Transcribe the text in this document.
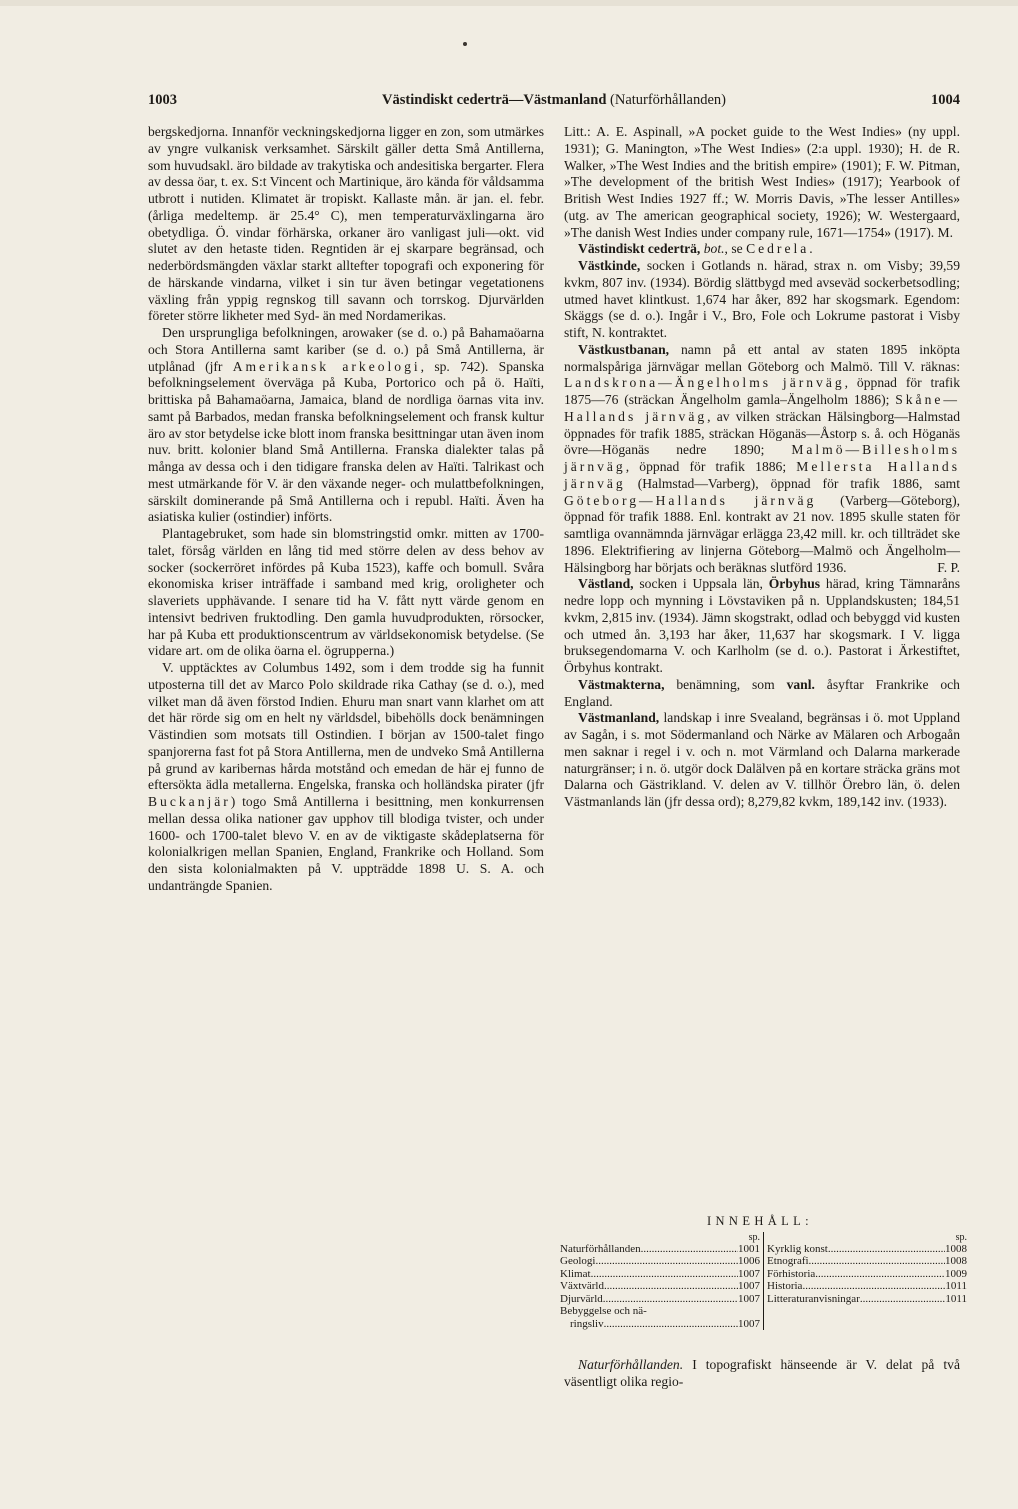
1003	Västindiskt cederträ—Västmanland (Naturförhållanden)	1004

bergskedjorna. Innanför veckningskedjorna ligger en zon, som utmärkes av yngre vulkanisk verksamhet. Särskilt gäller detta Små Antillerna, som huvudsakl. äro bildade av trakytiska och andesitiska bergarter. Flera av dessa öar, t. ex. S:t Vincent och Martinique, äro kända för våldsamma utbrott i nutiden. Klimatet är tropiskt. Kallaste mån. är jan. el. febr. (årliga medeltemp. är 25.4° C), men temperaturväxlingarna äro obetydliga. Ö. vindar förhärska, orkaner äro vanligast juli—okt. vid slutet av den hetaste tiden. Regntiden är ej skarpare begränsad, och nederbördsmängden växlar starkt alltefter topografi och exponering för de härskande vindarna, vilket i sin tur även betingar vegetationens växling från yppig regnskog till savann och torrskog. Djurvärlden företer större likheter med Syd- än med Nordamerikas.

Den ursprungliga befolkningen, arowaker (se d. o.) på Bahamaöarna och Stora Antillerna samt kariber (se d. o.) på Små Antillerna, är utplånad (jfr Amerikansk arkeologi, sp. 742). Spanska befolkningselement överväga på Kuba, Portorico och på ö. Haïti, brittiska på Bahamaöarna, Jamaica, bland de nordliga öarnas vita inv. samt på Barbados, medan franska befolkningselement och fransk kultur äro av stor betydelse icke blott inom franska besittningar utan även inom nuv. britt. kolonier bland Små Antillerna. Franska dialekter talas på många av dessa och i den tidigare franska delen av Haïti. Talrikast och mest utmärkande för V. är den växande neger- och mulattbefolkningen, särskilt dominerande på Små Antillerna och i republ. Haïti. Även ha asiatiska kulier (ostindier) införts.

Plantagebruket, som hade sin blomstringstid omkr. mitten av 1700-talet, försåg världen en lång tid med större delen av dess behov av socker (sockerröret infördes på Kuba 1523), kaffe och bomull. Svåra ekonomiska kriser inträffade i samband med krig, oroligheter och slaveriets upphävande. I senare tid ha V. fått nytt värde genom en intensivt bedriven fruktodling. Den gamla huvudprodukten, rörsocker, har på Kuba ett produktionscentrum av världsekonomisk betydelse. (Se vidare art. om de olika öarna el. ögrupperna.)

V. upptäcktes av Columbus 1492, som i dem trodde sig ha funnit utposterna till det av Marco Polo skildrade rika Cathay (se d. o.), med vilket man då även förstod Indien. Ehuru man snart vann klarhet om att det här rörde sig om en helt ny världsdel, bibehölls dock benämningen Västindien som motsats till Ostindien. I början av 1500-talet fingo spanjorerna fast fot på Stora Antillerna, men de undveko Små Antillerna på grund av karibernas hårda motstånd och emedan de här ej funno de eftersökta ädla metallerna. Engelska, franska och holländska pirater (jfr Buckanjär) togo Små Antillerna i besittning, men konkurrensen mellan dessa olika nationer gav upphov till blodiga tvister, och under 1600- och 1700-talet blevo V. en av de viktigaste skådeplatserna för kolonialkrigen mellan Spanien, England, Frankrike och Holland. Som den sista kolonialmakten på V. uppträdde 1898 U. S. A. och undanträngde Spanien.

Litt.: A. E. Aspinall, »A pocket guide to the West Indies» (ny uppl. 1931); G. Manington, »The West Indies» (2:a uppl. 1930); H. de R. Walker, »The West Indies and the british empire» (1901); F. W. Pitman, »The development of the british West Indies» (1917); Yearbook of British West Indies 1927 ff.; W. Morris Davis, »The lesser Antilles» (utg. av The american geographical society, 1926); W. Westergaard, »The danish West Indies under company rule, 1671—1754» (1917). M.

Västindiskt cederträ, bot., se Cedrela.

Västkinde, socken i Gotlands n. härad, strax n. om Visby; 39,59 kvkm, 807 inv. (1934). Bördig slättbygd med avseväd sockerbetsodling; utmed havet klintkust. 1,674 har åker, 892 har skogsmark. Egendom: Skäggs (se d. o.). Ingår i V., Bro, Fole och Lokrume pastorat i Visby stift, N. kontraktet.

Västkustbanan, namn på ett antal av staten 1895 inköpta normalspåriga järnvägar mellan Göteborg och Malmö. Till V. räknas: Landskrona—Ängelholms järnväg, öppnad för trafik 1875—76 (sträckan Ängelholm gamla–Ängelholm 1886); Skåne—Hallands järnväg, av vilken sträckan Hälsingborg—Halmstad öppnades för trafik 1885, sträckan Höganäs—Åstorp s. å. och Höganäs övre—Höganäs nedre 1890; Malmö—Billesholms järnväg, öppnad för trafik 1886; Mellersta Hallands järnväg (Halmstad—Varberg), öppnad för trafik 1886, samt Göteborg—Hallands järnväg (Varberg—Göteborg), öppnad för trafik 1888. Enl. kontrakt av 21 nov. 1895 skulle staten för samtliga ovannämnda järnvägar erlägga 23,42 mill. kr. och tillträdet ske 1896. Elektrifiering av linjerna Göteborg—Malmö och Ängelholm—Hälsingborg har börjats och beräknas slutförd 1936.	F. P.

Västland, socken i Uppsala län, Örbyhus härad, kring Tämnaråns nedre lopp och mynning i Lövstaviken på n. Upplandskusten; 184,51 kvkm, 2,815 inv. (1934). Jämn skogstrakt, odlad och bebyggd vid kusten och utmed ån. 3,193 har åker, 11,637 har skogsmark. I V. ligga bruksegendomarna V. och Karlholm (se d. o.). Pastorat i Ärkestiftet, Örbyhus kontrakt.

Västmakterna, benämning, som vanl. åsyftar Frankrike och England.

Västmanland, landskap i inre Svealand, begränsas i ö. mot Uppland av Sagån, i s. mot Södermanland och Närke av Mälaren och Arbogaån men saknar i regel i v. och n. mot Värmland och Dalarna markerade naturgränser; i n. ö. utgör dock Dalälven på en kortare sträcka gräns mot Dalarna och Gästrikland. V. delen av V. tillhör Örebro län, ö. delen Västmanlands län (jfr dessa ord); 8,279,82 kvkm, 189,142 inv. (1933).

INNEHÅLL:
sp.
Naturförhållanden .....	1001
Geologi .....	1006
Klimat .....	1007
Växtvärld .....	1007
Djurvärld .....	1007
Bebyggelse och nä-
ringsliv .....	1007
sp.
Kyrklig konst .....	1008
Etnografi .....	1008
Förhistoria .....	1009
Historia .....	1011
Litteraturanvisningar .....	1011
Naturförhållanden. I topografiskt hänseende är V. delat på två väsentligt olika regio-
